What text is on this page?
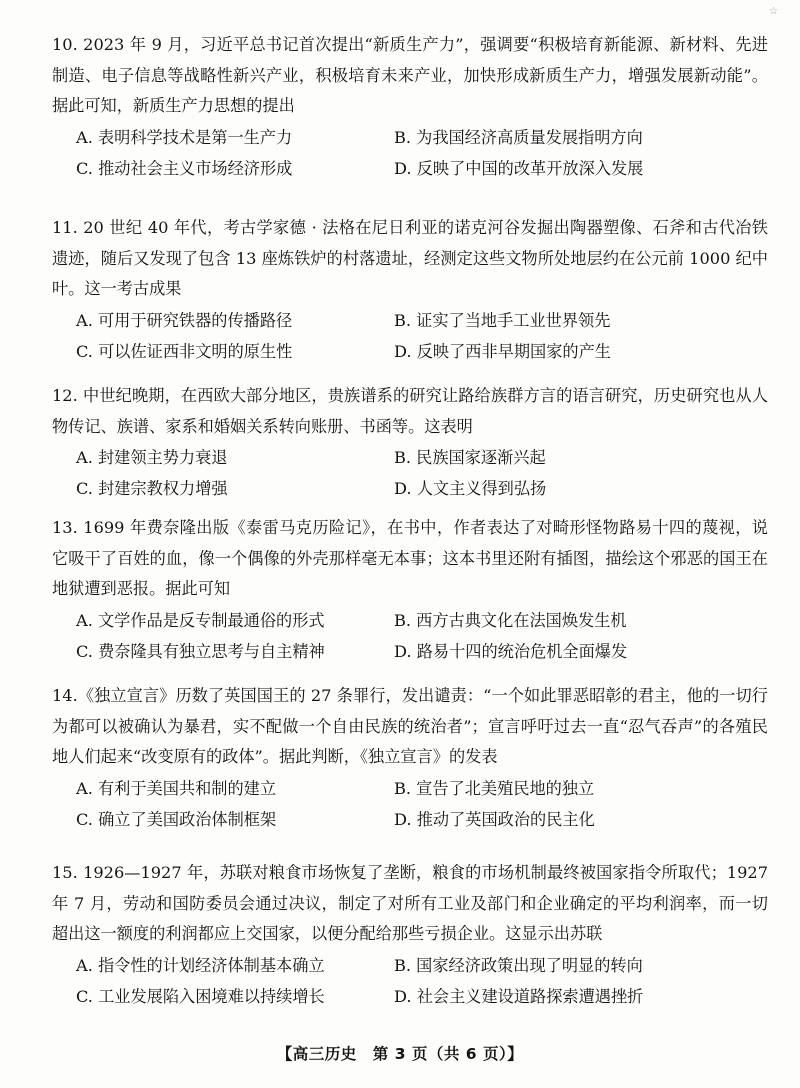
☆

10. 2023 年 9 月，习近平总书记首次提出“新质生产力”，强调要“积极培育新能源、新材料、先进制造、电子信息等战略性新兴产业，积极培育未来产业，加快形成新质生产力，增强发展新动能”。据此可知，新质生产力思想的提出

A. 表明科学技术是第一生产力	B. 为我国经济高质量发展指明方向
C. 推动社会主义市场经济形成	D. 反映了中国的改革开放深入发展

11. 20 世纪 40 年代，考古学家德 · 法格在尼日利亚的诺克河谷发掘出陶器塑像、石斧和古代冶铁遗迹，随后又发现了包含 13 座炼铁炉的村落遗址，经测定这些文物所处地层约在公元前 1000 纪中叶。这一考古成果

A. 可用于研究铁器的传播路径	B. 证实了当地手工业世界领先
C. 可以佐证西非文明的原生性	D. 反映了西非早期国家的产生

12. 中世纪晚期，在西欧大部分地区，贵族谱系的研究让路给族群方言的语言研究，历史研究也从人物传记、族谱、家系和婚姻关系转向账册、书函等。这表明

A. 封建领主势力衰退	B. 民族国家逐渐兴起
C. 封建宗教权力增强	D. 人文主义得到弘扬

13. 1699 年费奈隆出版《泰雷马克历险记》，在书中，作者表达了对畸形怪物路易十四的蔑视，说它吸干了百姓的血，像一个偶像的外壳那样毫无本事；这本书里还附有插图，描绘这个邪恶的国王在地狱遭到恶报。据此可知

A. 文学作品是反专制最通俗的形式	B. 西方古典文化在法国焕发生机
C. 费奈隆具有独立思考与自主精神	D. 路易十四的统治危机全面爆发

14.《独立宣言》历数了英国国王的 27 条罪行，发出谴责：“一个如此罪恶昭彰的君主，他的一切行为都可以被确认为暴君，实不配做一个自由民族的统治者”；宣言呼吁过去一直“忍气吞声”的各殖民地人们起来“改变原有的政体”。据此判断，《独立宣言》的发表

A. 有利于美国共和制的建立	B. 宣告了北美殖民地的独立
C. 确立了美国政治体制框架	D. 推动了英国政治的民主化

15. 1926—1927 年，苏联对粮食市场恢复了垄断，粮食的市场机制最终被国家指令所取代；1927 年 7 月，劳动和国防委员会通过决议，制定了对所有工业及部门和企业确定的平均利润率，而一切超出这一额度的利润都应上交国家，以便分配给那些亏损企业。这显示出苏联

A. 指令性的计划经济体制基本确立	B. 国家经济政策出现了明显的转向
C. 工业发展陷入困境难以持续增长	D. 社会主义建设道路探索遭遇挫折
【高三历史　第 3 页（共 6 页）】
